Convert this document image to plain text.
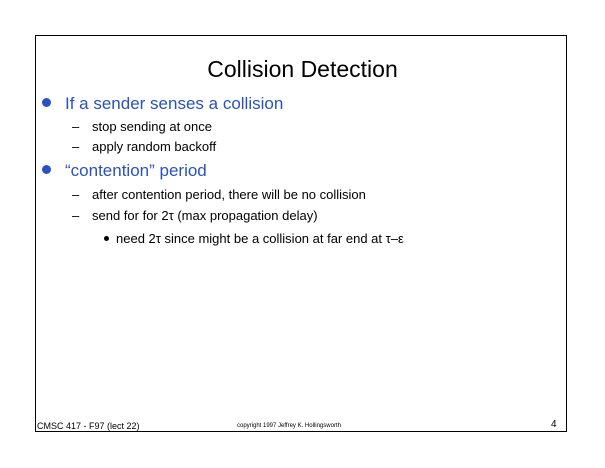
Collision Detection
If a sender senses a collision
– stop sending at once
– apply random backoff
“contention” period
– after contention period, there will be no collision
– send for for 2τ (max propagation delay)
need 2τ since might be a collision at far end at τ–ε
CMSC 417 - F97 (lect 22)	copyright 1997 Jeffrey K. Hollingsworth	4
